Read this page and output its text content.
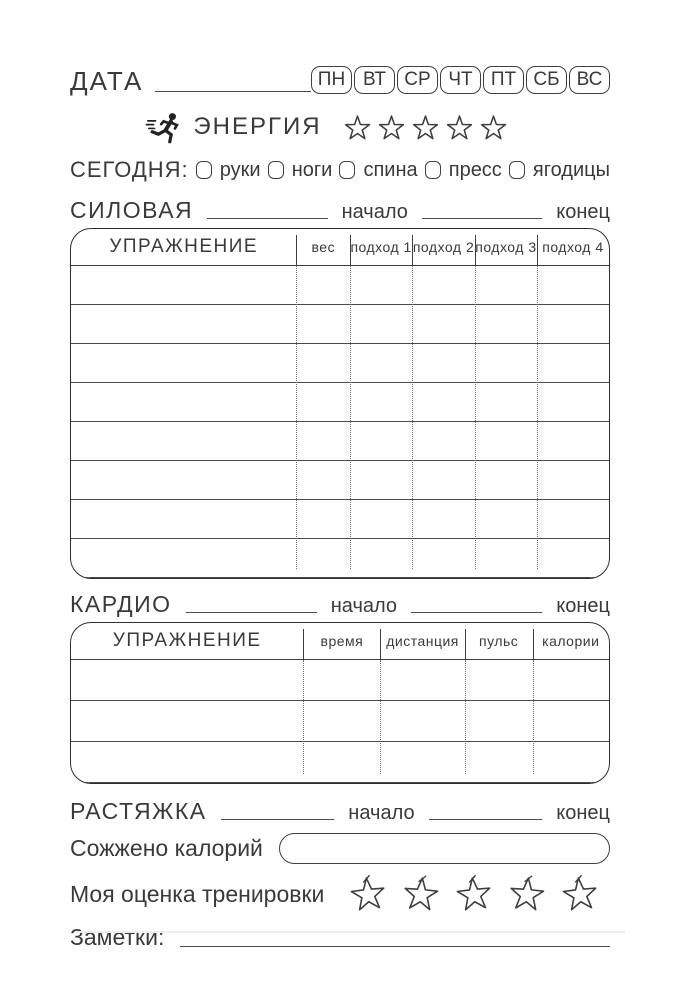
ДАТА	ПН ВТ СР ЧТ ПТ СБ ВС
ЭНЕРГИЯ
СЕГОДНЯ: руки ноги спина пресс ягодицы
СИЛОВАЯ	начало	конец
УПРАЖНЕНИЕ	вес	подход 1 подход 2 подход 3 подход 4
КАРДИО	начало	конец
УПРАЖНЕНИЕ	время	дистанция	пульс	калории
РАСТЯЖКА	начало	конец
Сожжено калорий
Моя оценка тренировки
Заметки:
